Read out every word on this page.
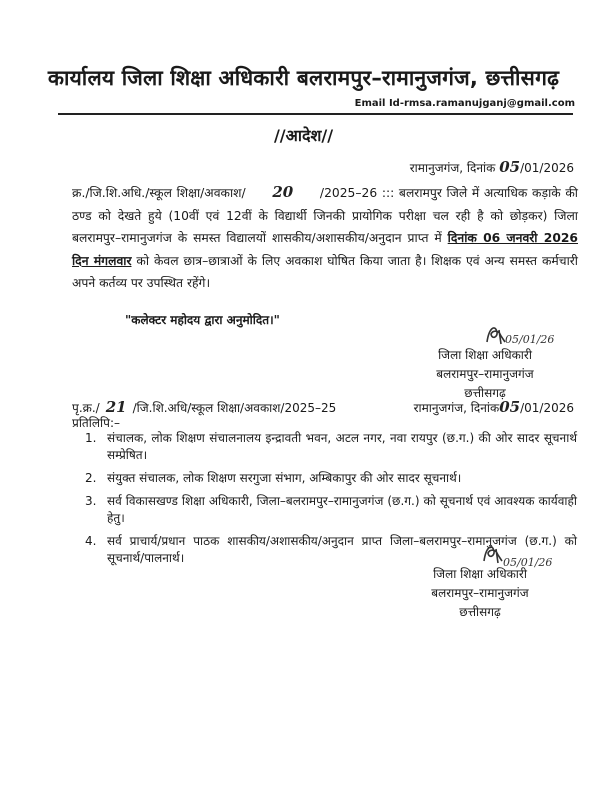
कार्यालय जिला शिक्षा अधिकारी बलरामपुर–रामानुजगंज, छत्तीसगढ़
Email Id-rmsa.ramanujganj@gmail.com
//आदेश//
रामानुजगंज, दिनांक 05/01/2026
क्र./जि.शि.अधि./स्कूल शिक्षा/अवकाश/ 20 /2025–26 ::: बलरामपुर जिले में अत्याधिक कड़ाके की ठण्ड को देखते हुये (10वीं एवं 12वीं के विद्यार्थी जिनकी प्रायोगिक परीक्षा चल रही है को छोड़कर) जिला बलरामपुर–रामानुजगंज के समस्त विद्यालयों शासकीय/अशासकीय/अनुदान प्राप्त में दिनांक 06 जनवरी 2026 दिन मंगलवार को केवल छात्र–छात्राओं के लिए अवकाश घोषित किया जाता है। शिक्षक एवं अन्य समस्त कर्मचारी अपने कर्तव्य पर उपस्थित रहेंगे।
"कलेक्टर महोदय द्वारा अनुमोदित।"
05/01/26
जिला शिक्षा अधिकारी
बलरामपुर–रामानुजगंज
छत्तीसगढ़
पृ.क्र./ 21 /जि.शि.अधि/स्कूल शिक्षा/अवकाश/2025–25	रामानुजगंज, दिनांक05/01/2026
प्रतिलिपि:–
1. संचालक, लोक शिक्षण संचालनालय इन्द्रावती भवन, अटल नगर, नवा रायपुर (छ.ग.) की ओर सादर सूचनार्थ सम्प्रेषित।
2. संयुक्त संचालक, लोक शिक्षण सरगुजा संभाग, अम्बिकापुर की ओर सादर सूचनार्थ।
3. सर्व विकासखण्ड शिक्षा अधिकारी, जिला–बलरामपुर–रामानुजगंज (छ.ग.) को सूचनार्थ एवं आवश्यक कार्यवाही हेतु।
4. सर्व प्राचार्य/प्रधान पाठक शासकीय/अशासकीय/अनुदान प्राप्त जिला–बलरामपुर–रामानुजगंज (छ.ग.) को सूचनार्थ/पालनार्थ।	05/01/26
जिला शिक्षा अधिकारी
बलरामपुर–रामानुजगंज
छत्तीसगढ़
